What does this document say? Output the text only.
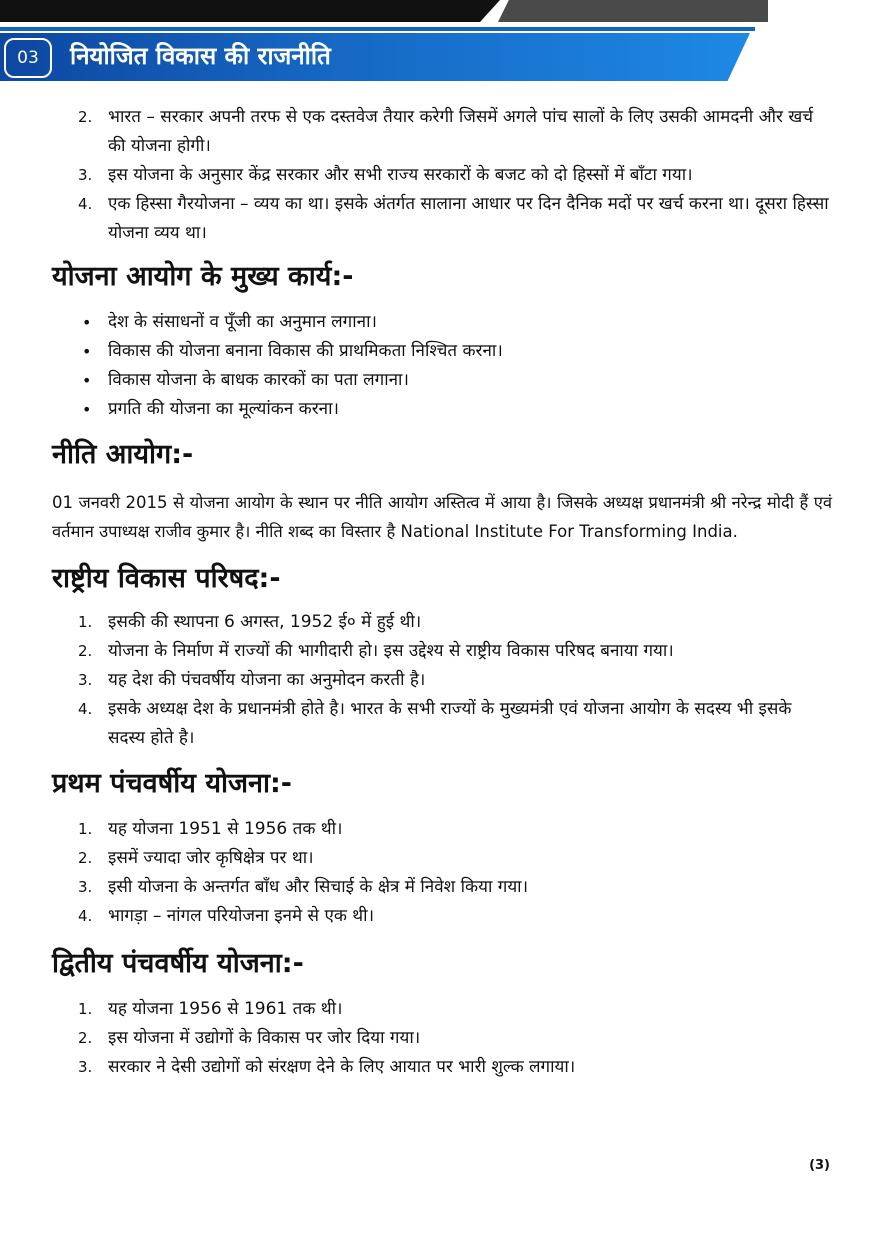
03	नियोजित विकास की राजनीति
2. भारत – सरकार अपनी तरफ से एक दस्तवेज तैयार करेगी जिसमें अगले पांच सालों के लिए उसकी आमदनी और खर्च की योजना होगी।
3. इस योजना के अनुसार केंद्र सरकार और सभी राज्य सरकारों के बजट को दो हिस्सों में बाँटा गया।
4. एक हिस्सा गैरयोजना – व्यय का था। इसके अंतर्गत सालाना आधार पर दिन दैनिक मदों पर खर्च करना था। दूसरा हिस्सा योजना व्यय था।
योजना आयोग के मुख्य कार्य:-
• देश के संसाधनों व पूँजी का अनुमान लगाना।
• विकास की योजना बनाना विकास की प्राथमिकता निश्चित करना।
• विकास योजना के बाधक कारकों का पता लगाना।
• प्रगति की योजना का मूल्यांकन करना।
नीति आयोग:-

01 जनवरी 2015 से योजना आयोग के स्थान पर नीति आयोग अस्तित्व में आया है। जिसके अध्यक्ष प्रधानमंत्री श्री नरेन्द्र मोदी हैं एवं वर्तमान उपाध्यक्ष राजीव कुमार है। नीति शब्द का विस्तार है National Institute For Transforming India.

राष्ट्रीय विकास परिषद:-
1. इसकी की स्थापना 6 अगस्त, 1952 ई० में हुई थी।
2. योजना के निर्माण में राज्यों की भागीदारी हो। इस उद्देश्य से राष्ट्रीय विकास परिषद बनाया गया।
3. यह देश की पंचवर्षीय योजना का अनुमोदन करती है।
4. इसके अध्यक्ष देश के प्रधानमंत्री होते है। भारत के सभी राज्यों के मुख्यमंत्री एवं योजना आयोग के सदस्य भी इसके सदस्य होते है।
प्रथम पंचवर्षीय योजना:-
1. यह योजना 1951 से 1956 तक थी।
2. इसमें ज्यादा जोर कृषिक्षेत्र पर था।
3. इसी योजना के अन्तर्गत बाँध और सिचाई के क्षेत्र में निवेश किया गया।
4. भागड़ा – नांगल परियोजना इनमे से एक थी।
द्वितीय पंचवर्षीय योजना:-
1. यह योजना 1956 से 1961 तक थी।
2. इस योजना में उद्योगों के विकास पर जोर दिया गया।
3. सरकार ने देसी उद्योगों को संरक्षण देने के लिए आयात पर भारी शुल्क लगाया।
(3)
